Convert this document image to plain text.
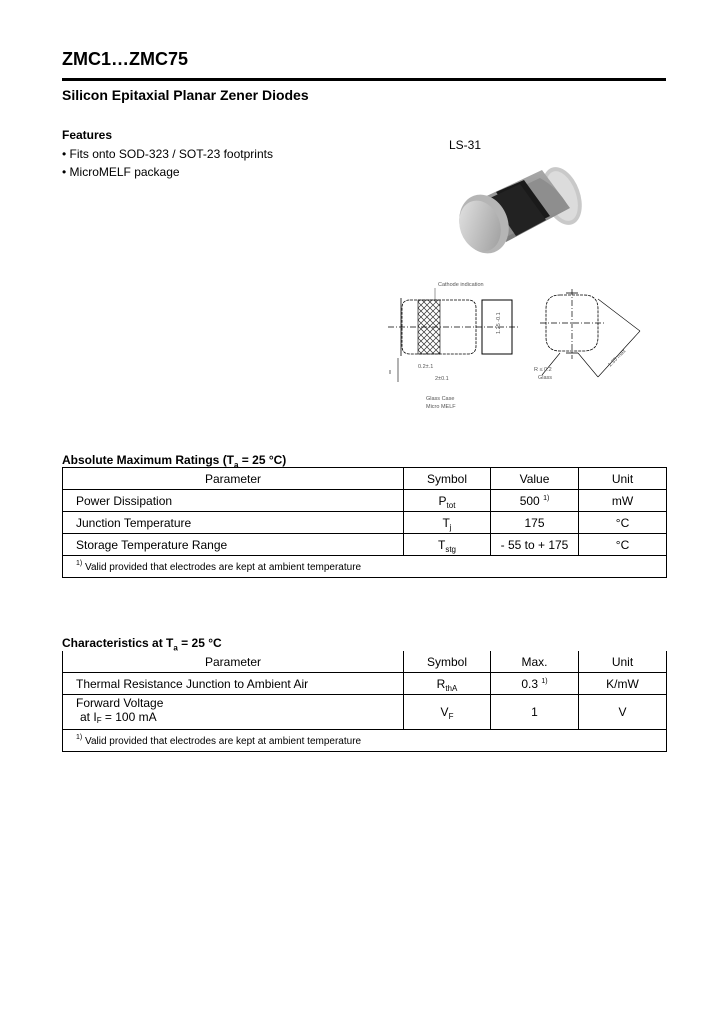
ZMC1…ZMC75
Silicon Epitaxial Planar Zener Diodes
Features
• Fits onto SOD-323 / SOT-23 footprints
• MicroMELF package
LS-31
Cathode indication
0.2±.1
2±0.1
1.25 -0.1
Glass Case
Micro MELF
1.35 max
R ≤ 0.2
Glass
Absolute Maximum Ratings ($T_a = 25$ °C)
Parameter	Symbol	Value	Unit
Power Dissipation	$P_{tot}$	500 $^{1)}$	mW
Junction Temperature	$T_j$	175	°C
Storage Temperature Range	$T_{stg}$	- 55 to + 175	°C
$^{1)}$ Valid provided that electrodes are kept at ambient temperature			
Characteristics at $T_a = 25$ °C
Parameter	Symbol	Max.	Unit
Thermal Resistance Junction to Ambient Air	$R_{thA}$	0.3 $^{1)}$	K/mW

Forward Voltage
at $I_F = 100$ mA	$V_F$	1	V
$^{1)}$ Valid provided that electrodes are kept at ambient temperature			
